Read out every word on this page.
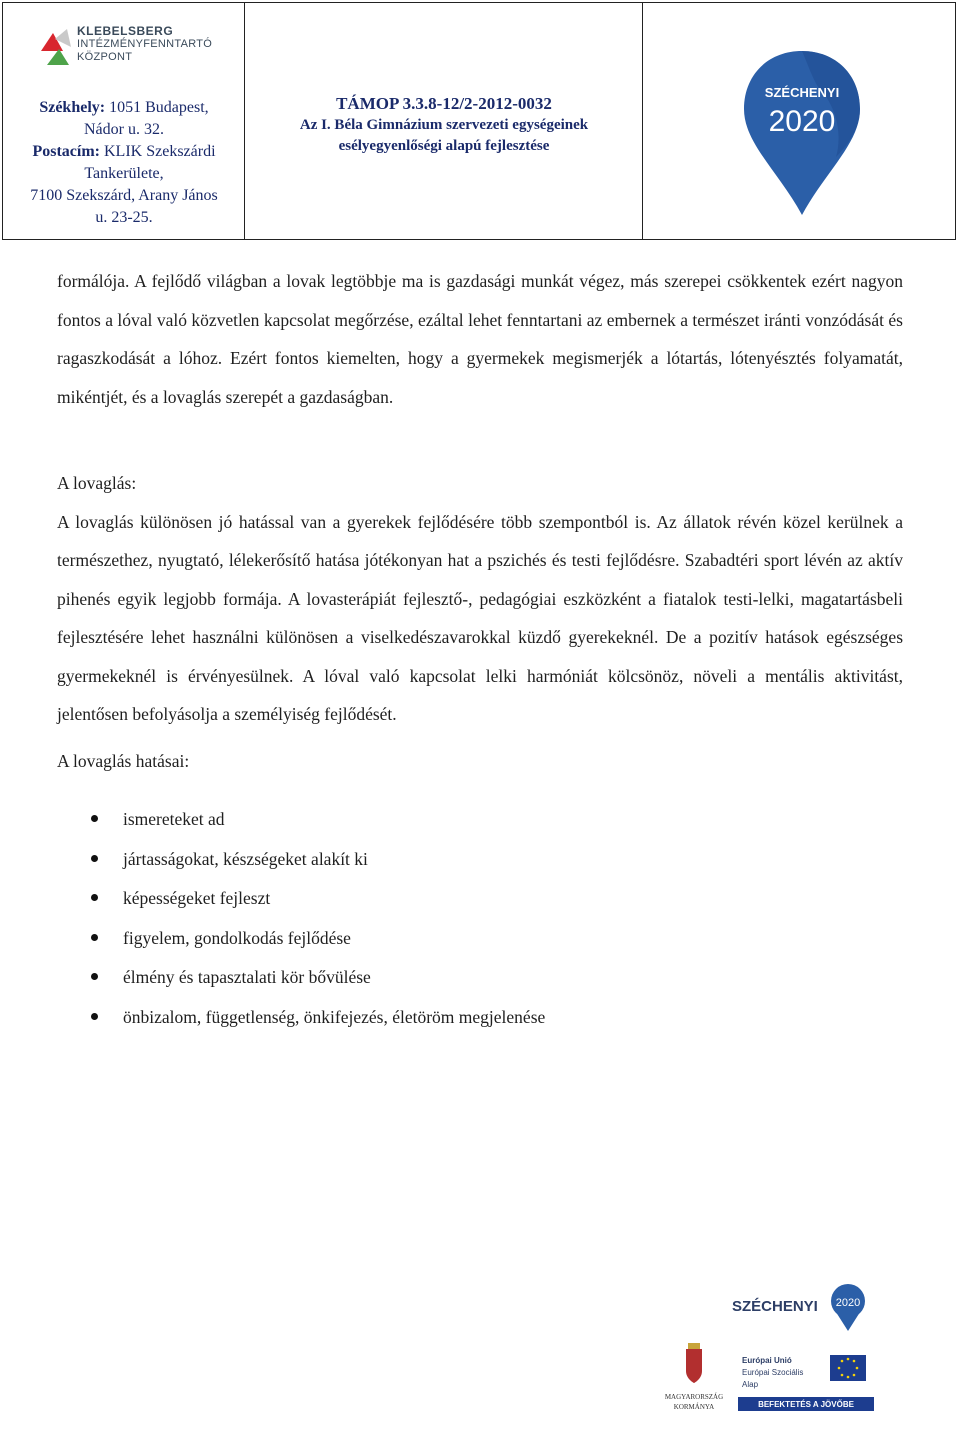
KLEBELSBERG
INTÉZMÉNYFENNTARTÓ
KÖZPONT
Székhely: 1051 Budapest,
Nádor u. 32.
Postacím: KLIK Szekszárdi
Tankerülete,
7100 Szekszárd, Arany János
u. 23-25.
TÁMOP 3.3.8-12/2-2012-0032
Az I. Béla Gimnázium szervezeti egységeinek
esélyegyenlőségi alapú fejlesztése
SZÉCHENYI
2020

formálója. A fejlődő világban a lovak legtöbbje ma is gazdasági munkát végez, más szerepei csökkentek ezért nagyon fontos a lóval való közvetlen kapcsolat megőrzése, ezáltal lehet fenntartani az embernek a természet iránti vonzódását és ragaszkodását a lóhoz. Ezért fontos kiemelten, hogy a gyermekek megismerjék a lótartás, lótenyésztés folyamatát, mikéntjét, és a lovaglás szerepét a gazdaságban.

A lovaglás:

A lovaglás különösen jó hatással van a gyerekek fejlődésére több szempontból is. Az állatok révén közel kerülnek a természethez, nyugtató, lélekerősítő hatása jótékonyan hat a pszichés és testi fejlődésre. Szabadtéri sport lévén az aktív pihenés egyik legjobb formája. A lovasterápiát fejlesztő-, pedagógiai eszközként a fiatalok testi-lelki, magatartásbeli fejlesztésére lehet használni különösen a viselkedészavarokkal küzdő gyerekeknél. De a pozitív hatások egészséges gyermekeknél is érvényesülnek. A lóval való kapcsolat lelki harmóniát kölcsönöz, növeli a mentális aktivitást, jelentősen befolyásolja a személyiség fejlődését.

A lovaglás hatásai:

ismereteket ad
jártasságokat, készségeket alakít ki
képességeket fejleszt
figyelem, gondolkodás fejlődése
élmény és tapasztalati kör bővülése
önbizalom, függetlenség, önkifejezés, életöröm megjelenése
SZÉCHENYI 2020
MAGYARORSZÁG
KORMÁNYA
Európai Unió
Európai Szociális
Alap
BEFEKTETÉS A JÖVŐBE
